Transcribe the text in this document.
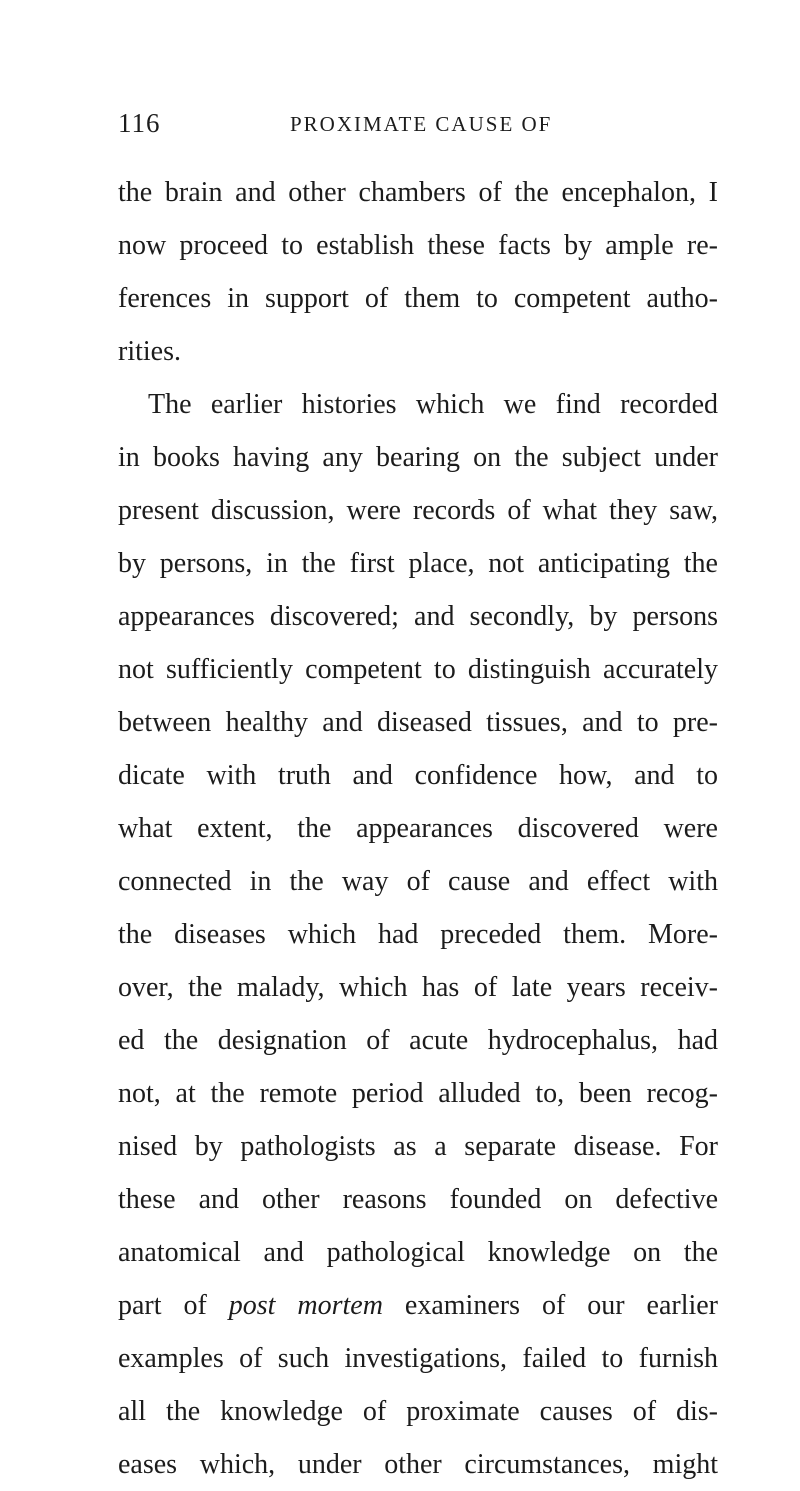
116	PROXIMATE CAUSE OF
the brain and other chambers of the encephalon, I
now proceed to establish these facts by ample re-
ferences in support of them to competent autho-
rities.
The earlier histories which we find recorded
in books having any bearing on the subject under
present discussion, were records of what they saw,
by persons, in the first place, not anticipating the
appearances discovered; and secondly, by persons
not sufficiently competent to distinguish accurately
between healthy and diseased tissues, and to pre-
dicate with truth and confidence how, and to
what extent, the appearances discovered were
connected in the way of cause and effect with
the diseases which had preceded them. More-
over, the malady, which has of late years receiv-
ed the designation of acute hydrocephalus, had
not, at the remote period alluded to, been recog-
nised by pathologists as a separate disease. For
these and other reasons founded on defective
anatomical and pathological knowledge on the
part of post mortem examiners of our earlier
examples of such investigations, failed to furnish
all the knowledge of proximate causes of dis-
eases which, under other circumstances, might
